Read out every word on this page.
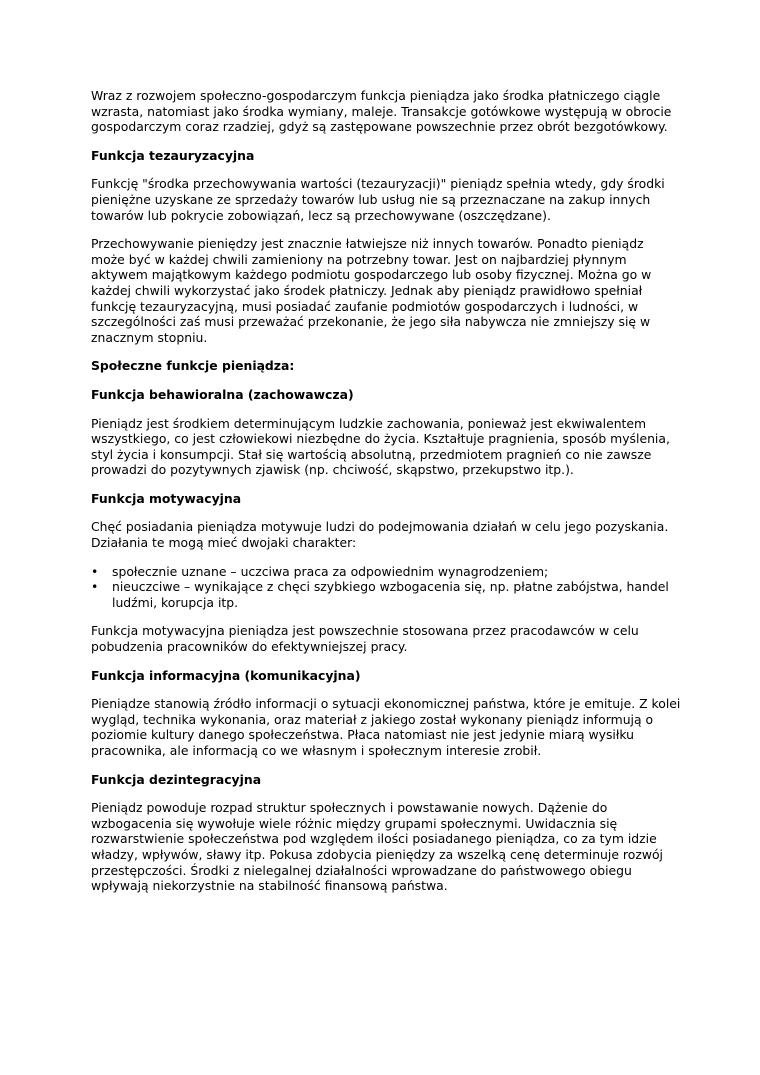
Wraz z rozwojem społeczno-gospodarczym funkcja pieniądza jako środka płatniczego ciągle wzrasta, natomiast jako środka wymiany, maleje. Transakcje gotówkowe występują w obrocie gospodarczym coraz rzadziej, gdyż są zastępowane powszechnie przez obrót bezgotówkowy.

Funkcja tezauryzacyjna

Funkcję "środka przechowywania wartości (tezauryzacji)" pieniądz spełnia wtedy, gdy środki pieniężne uzyskane ze sprzedaży towarów lub usług nie są przeznaczane na zakup innych towarów lub pokrycie zobowiązań, lecz są przechowywane (oszczędzane).

Przechowywanie pieniędzy jest znacznie łatwiejsze niż innych towarów. Ponadto pieniądz może być w każdej chwili zamieniony na potrzebny towar. Jest on najbardziej płynnym aktywem majątkowym każdego podmiotu gospodarczego lub osoby fizycznej. Można go w każdej chwili wykorzystać jako środek płatniczy. Jednak aby pieniądz prawidłowo spełniał funkcję tezauryzacyjną, musi posiadać zaufanie podmiotów gospodarczych i ludności, w szczególności zaś musi przeważać przekonanie, że jego siła nabywcza nie zmniejszy się w znacznym stopniu.

Społeczne funkcje pieniądza:
Funkcja behawioralna (zachowawcza)

Pieniądz jest środkiem determinującym ludzkie zachowania, ponieważ jest ekwiwalentem wszystkiego, co jest człowiekowi niezbędne do życia. Kształtuje pragnienia, sposób myślenia, styl życia i konsumpcji. Stał się wartością absolutną, przedmiotem pragnień co nie zawsze prowadzi do pozytywnych zjawisk (np. chciwość, skąpstwo, przekupstwo itp.).

Funkcja motywacyjna

Chęć posiadania pieniądza motywuje ludzi do podejmowania działań w celu jego pozyskania. Działania te mogą mieć dwojaki charakter:

• społecznie uznane – uczciwa praca za odpowiednim wynagrodzeniem;
• nieuczciwe – wynikające z chęci szybkiego wzbogacenia się, np. płatne zabójstwa, handel ludźmi, korupcja itp.

Funkcja motywacyjna pieniądza jest powszechnie stosowana przez pracodawców w celu pobudzenia pracowników do efektywniejszej pracy.

Funkcja informacyjna (komunikacyjna)

Pieniądze stanowią źródło informacji o sytuacji ekonomicznej państwa, które je emituje. Z kolei wygląd, technika wykonania, oraz materiał z jakiego został wykonany pieniądz informują o poziomie kultury danego społeczeństwa. Płaca natomiast nie jest jedynie miarą wysiłku pracownika, ale informacją co we własnym i społecznym interesie zrobił.

Funkcja dezintegracyjna

Pieniądz powoduje rozpad struktur społecznych i powstawanie nowych. Dążenie do wzbogacenia się wywołuje wiele różnic między grupami społecznymi. Uwidacznia się rozwarstwienie społeczeństwa pod względem ilości posiadanego pieniądza, co za tym idzie władzy, wpływów, sławy itp. Pokusa zdobycia pieniędzy za wszelką cenę determinuje rozwój przestępczości. Środki z nielegalnej działalności wprowadzane do państwowego obiegu wpływają niekorzystnie na stabilność finansową państwa.
